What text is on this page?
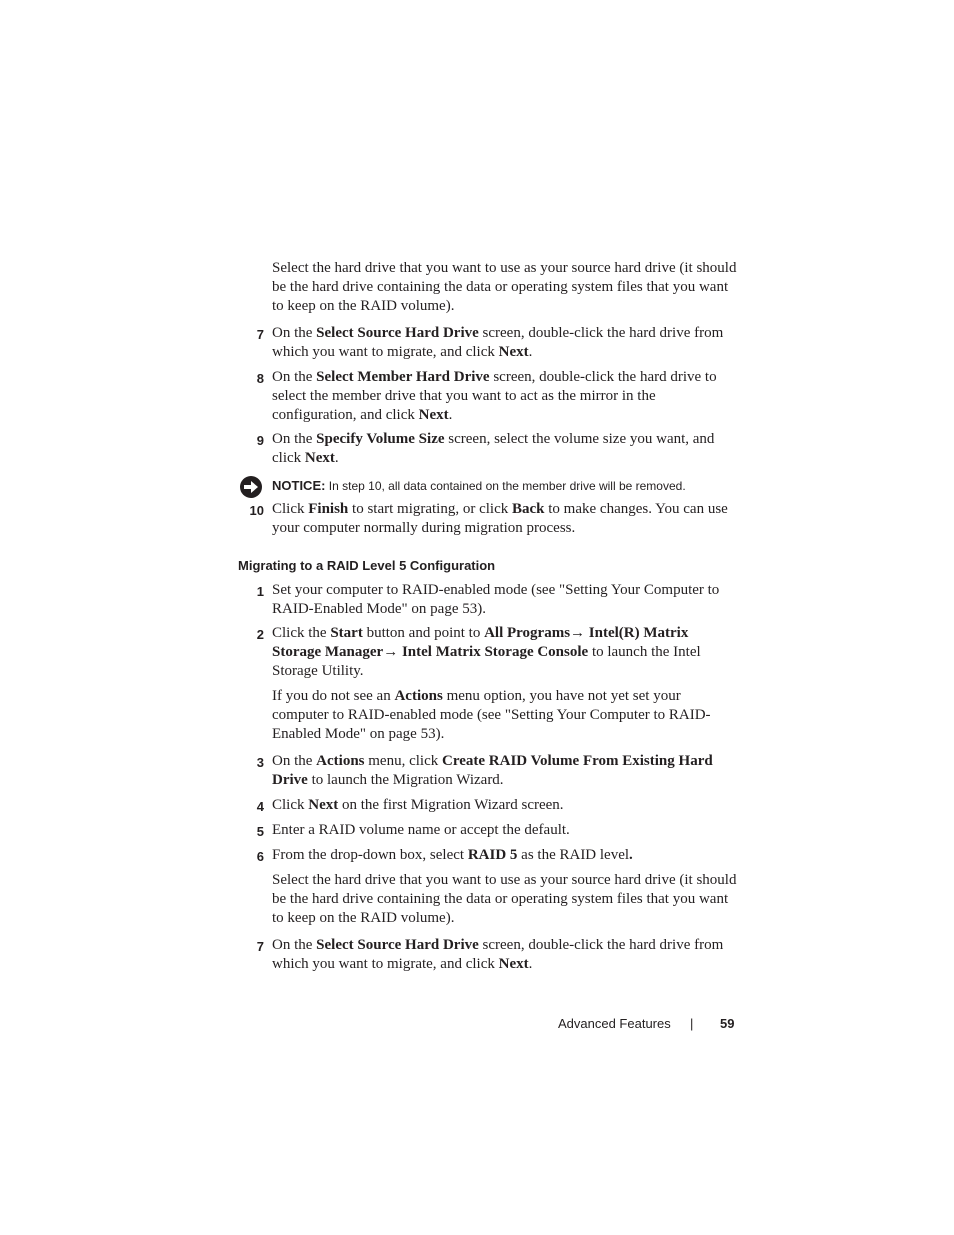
Select the hard drive that you want to use as your source hard drive (it should be the hard drive containing the data or operating system files that you want to keep on the RAID volume).

7 On the Select Source Hard Drive screen, double-click the hard drive from which you want to migrate, and click Next.
8 On the Select Member Hard Drive screen, double-click the hard drive to select the member drive that you want to act as the mirror in the configuration, and click Next.
9 On the Specify Volume Size screen, select the volume size you want, and click Next.
NOTICE: In step 10, all data contained on the member drive will be removed.
10 Click Finish to start migrating, or click Back to make changes. You can use your computer normally during migration process.
Migrating to a RAID Level 5 Configuration
1 Set your computer to RAID-enabled mode (see "Setting Your Computer to RAID-Enabled Mode" on page 53).
2 Click the Start button and point to All Programs→ Intel(R) Matrix Storage Manager→ Intel Matrix Storage Console to launch the Intel Storage Utility.
If you do not see an Actions menu option, you have not yet set your computer to RAID-enabled mode (see "Setting Your Computer to RAID-Enabled Mode" on page 53).
3 On the Actions menu, click Create RAID Volume From Existing Hard Drive to launch the Migration Wizard.
4 Click Next on the first Migration Wizard screen.
5 Enter a RAID volume name or accept the default.
6 From the drop-down box, select RAID 5 as the RAID level.

Select the hard drive that you want to use as your source hard drive (it should be the hard drive containing the data or operating system files that you want to keep on the RAID volume).

7 On the Select Source Hard Drive screen, double-click the hard drive from which you want to migrate, and click Next.
Advanced Features | 59
